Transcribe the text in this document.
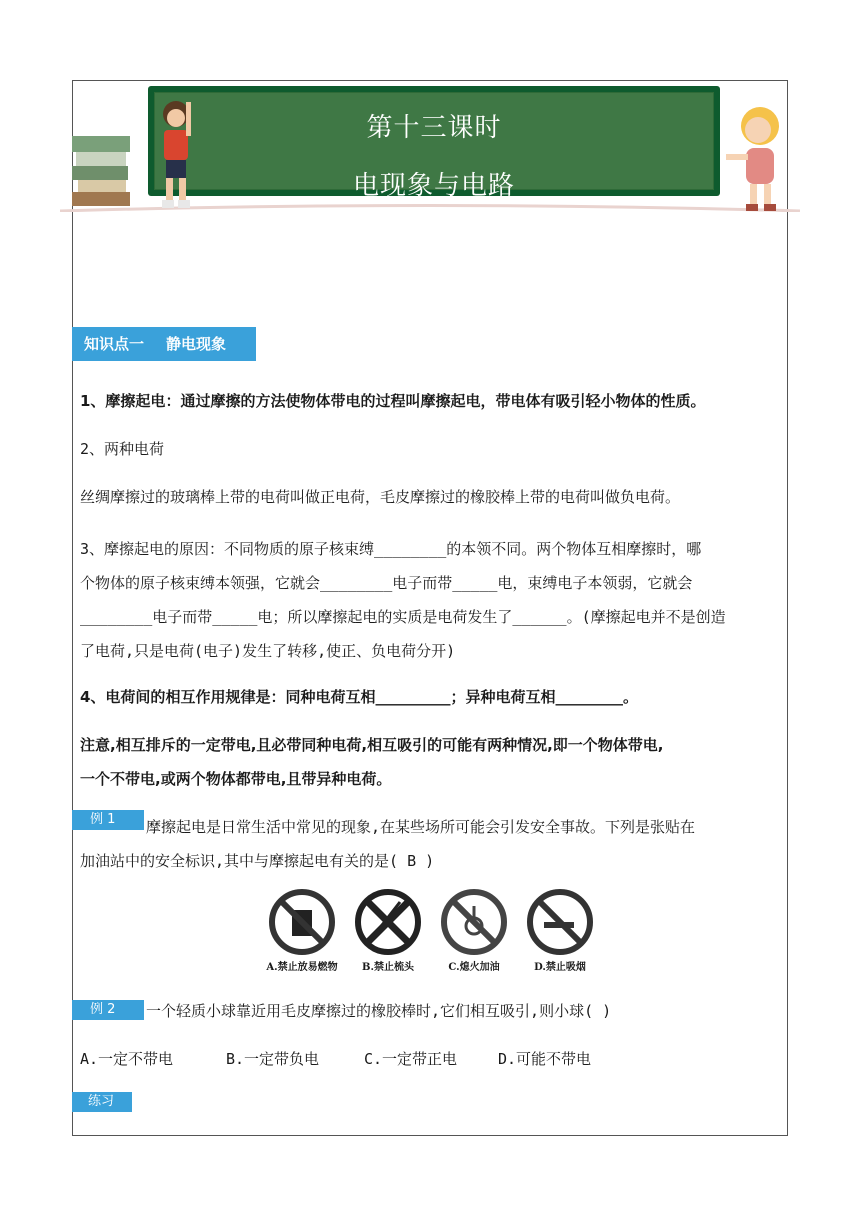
第十三课时
电现象与电路
知识点一 静电现象
1、摩擦起电：通过摩擦的方法使物体带电的过程叫摩擦起电，带电体有吸引轻小物体的性质。
2、两种电荷
丝绸摩擦过的玻璃棒上带的电荷叫做正电荷，毛皮摩擦过的橡胶棒上带的电荷叫做负电荷。
3、摩擦起电的原因：不同物质的原子核束缚________的本领不同。两个物体互相摩擦时，哪
个物体的原子核束缚本领强，它就会________电子而带_____电，束缚电子本领弱，它就会
________电子而带_____电；所以摩擦起电的实质是电荷发生了______。(摩擦起电并不是创造
了电荷,只是电荷(电子)发生了转移,使正、负电荷分开)
4、电荷间的相互作用规律是：同种电荷互相__________；异种电荷互相_________。
注意,相互排斥的一定带电,且必带同种电荷,相互吸引的可能有两种情况,即一个物体带电,
一个不带电,或两个物体都带电,且带异种电荷。
例 1	摩擦起电是日常生活中常见的现象,在某些场所可能会引发安全事故。下列是张贴在
加油站中的安全标识,其中与摩擦起电有关的是( B )
A.禁止放易燃物	B.禁止梳头	C.熄火加油	D.禁止吸烟
例 2	一个轻质小球靠近用毛皮摩擦过的橡胶棒时,它们相互吸引,则小球( )
A.一定不带电	B.一定带负电	C.一定带正电	D.可能不带电
练习
